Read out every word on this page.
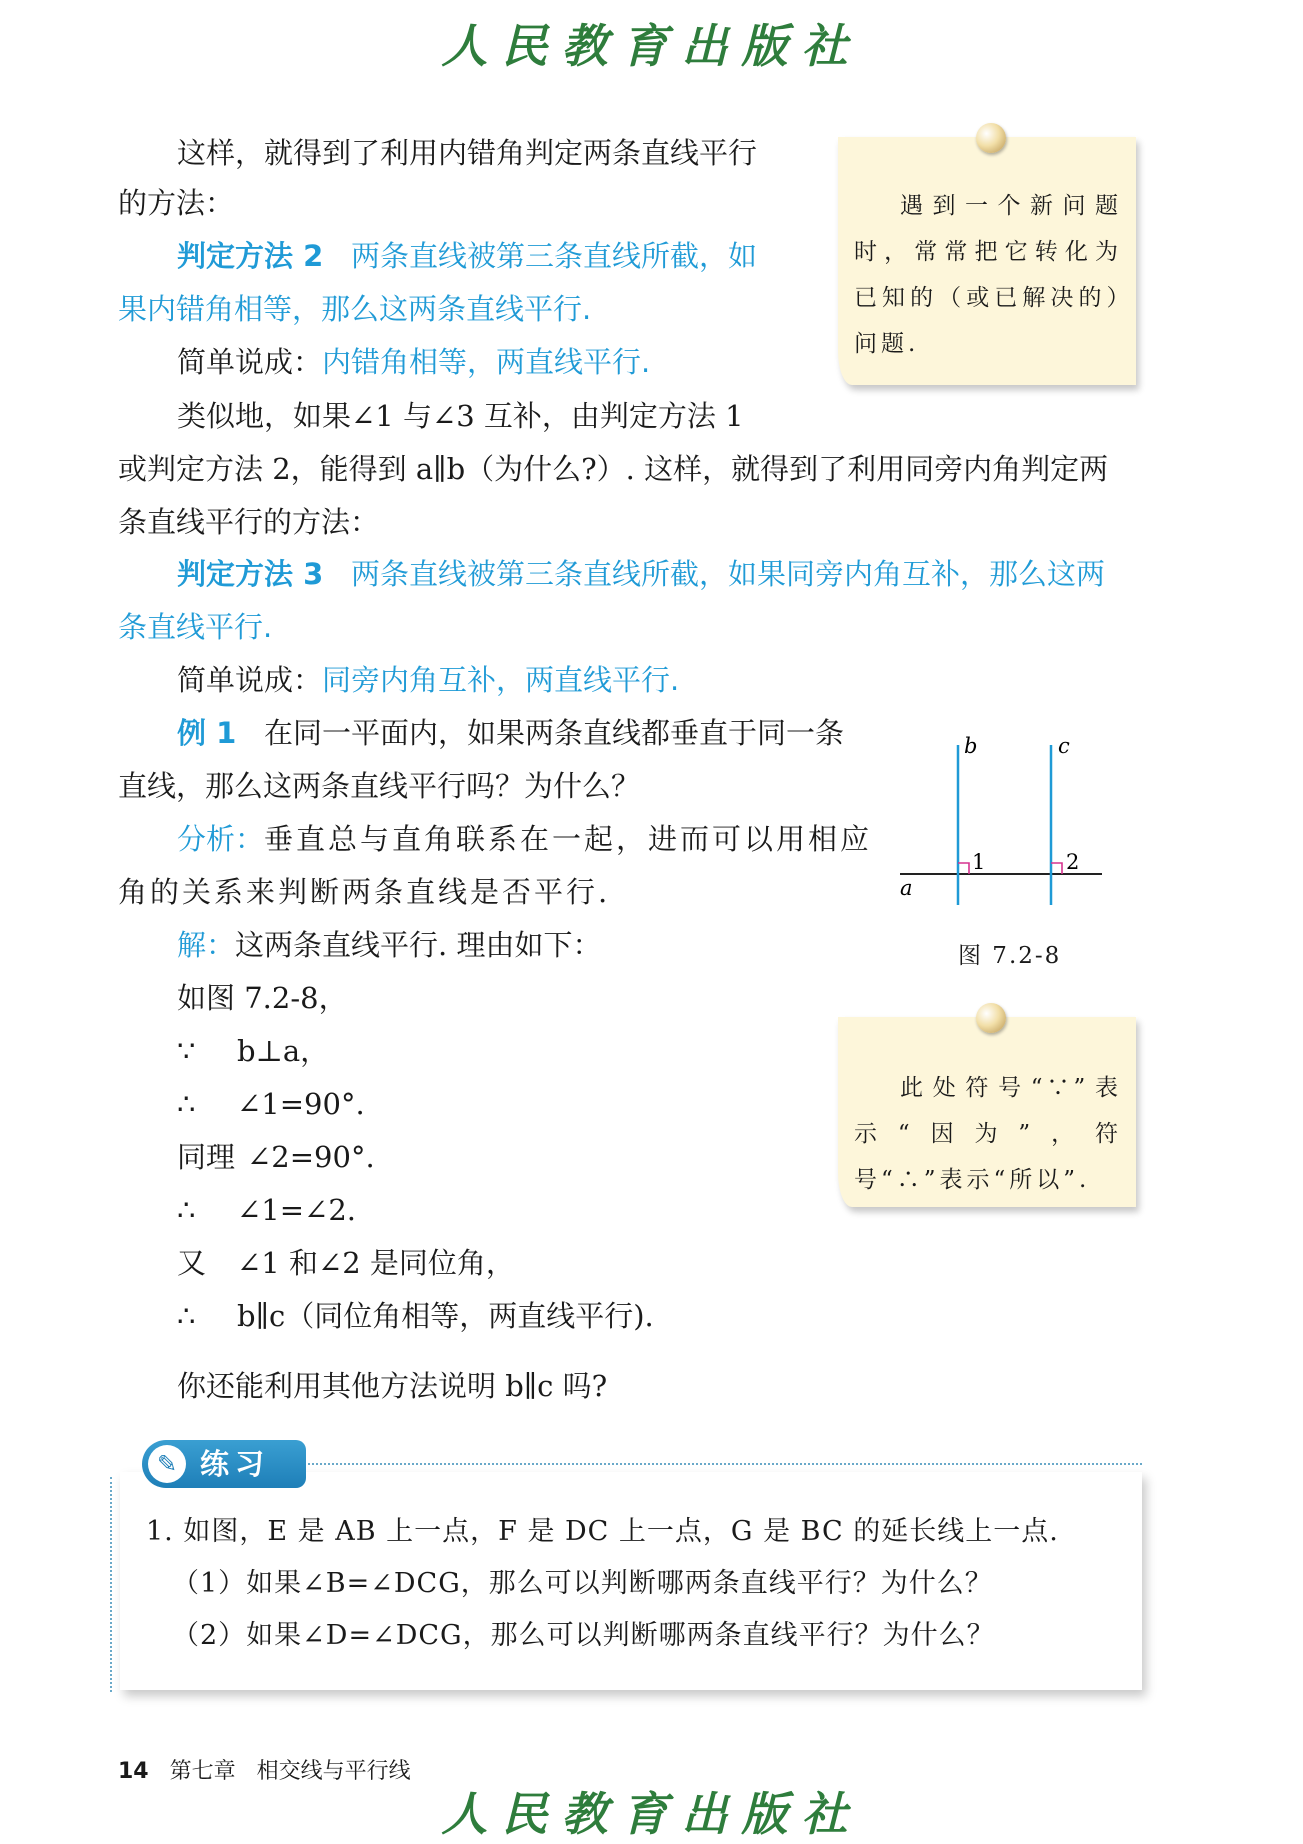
人民教育出版社
这样，就得到了利用内错角判定两条直线平行
的方法：
判定方法 2 两条直线被第三条直线所截，如
果内错角相等，那么这两条直线平行.
简单说成：内错角相等，两直线平行.
类似地，如果∠1 与∠3 互补，由判定方法 1
或判定方法 2，能得到 a∥b（为什么?）. 这样，就得到了利用同旁内角判定两
条直线平行的方法：
判定方法 3 两条直线被第三条直线所截，如果同旁内角互补，那么这两
条直线平行.
简单说成：同旁内角互补，两直线平行.
例 1 在同一平面内，如果两条直线都垂直于同一条
直线，那么这两条直线平行吗？为什么？
分析：垂直总与直角联系在一起，进而可以用相应
角的关系来判断两条直线是否平行.
解：这两条直线平行. 理由如下：
如图 7.2-8，
∵ b⊥a，
∴ ∠1=90°.
同理 ∠2=90°.
∴ ∠1=∠2.
又 ∠1 和∠2 是同位角，
∴ b∥c（同位角相等，两直线平行).
你还能利用其他方法说明 b∥c 吗?
遇到一个新问题时，常常把它转化为已知的（或已解决的）问题.
b	c
a
1	2
图 7.2-8
此处符号“∵”表示“因为”，符号“∴”表示“所以”.
✎ 练习
1. 如图，E 是 AB 上一点，F 是 DC 上一点，G 是 BC 的延长线上一点.
（1）如果∠B=∠DCG，那么可以判断哪两条直线平行？为什么？
（2）如果∠D=∠DCG，那么可以判断哪两条直线平行？为什么？
14 第七章 相交线与平行线
人民教育出版社
